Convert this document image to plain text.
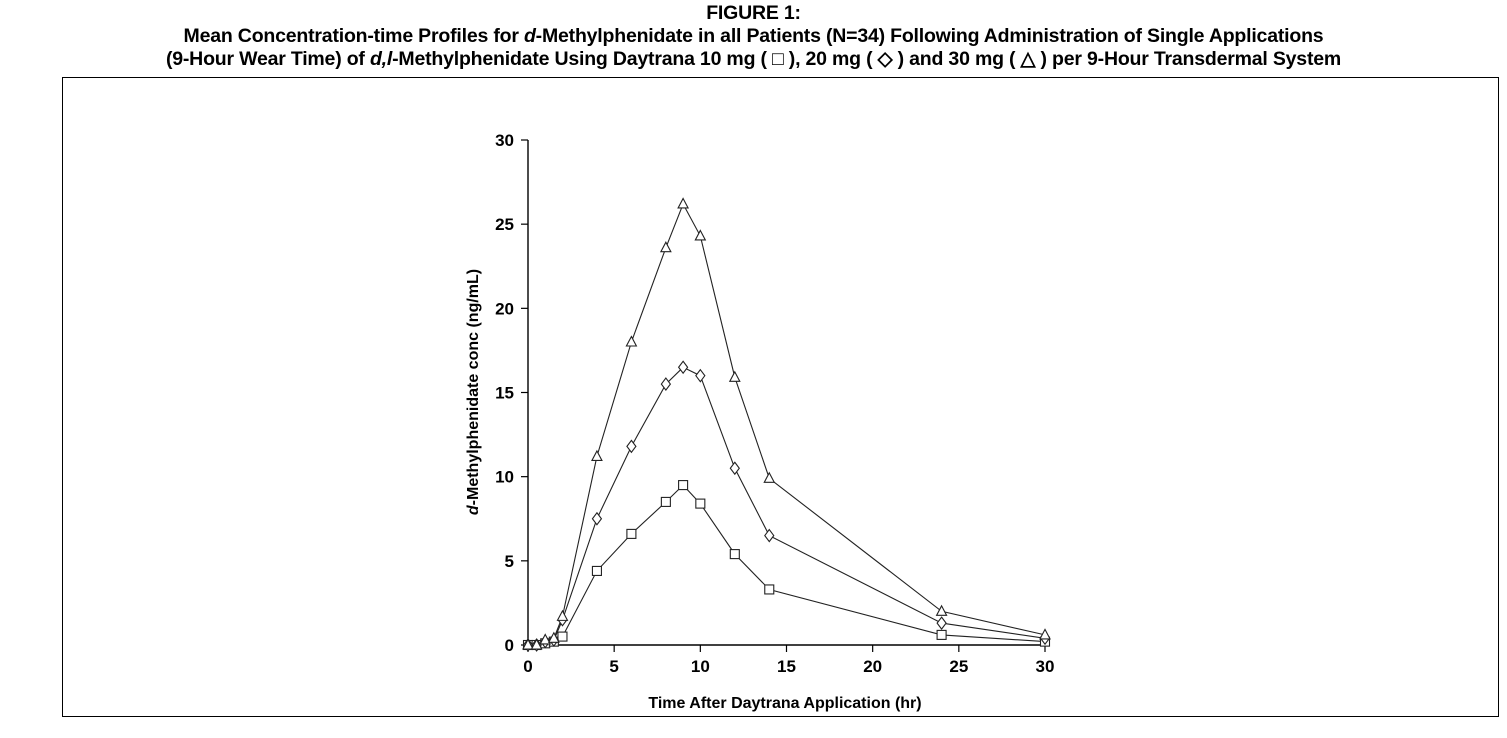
FIGURE 1:
Mean Concentration-time Profiles for d-Methylphenidate in all Patients (N=34) Following Administration of Single Applications
(9-Hour Wear Time) of d,l-Methylphenidate Using Daytrana 10 mg ( □ ), 20 mg ( ◇ ) and 30 mg ( △ ) per 9-Hour Transdermal System
0	5	10	15	20	25	30
0
5
10
15
20
25
30
Time After Daytrana Application (hr)
d-Methylphenidate conc (ng/mL)
